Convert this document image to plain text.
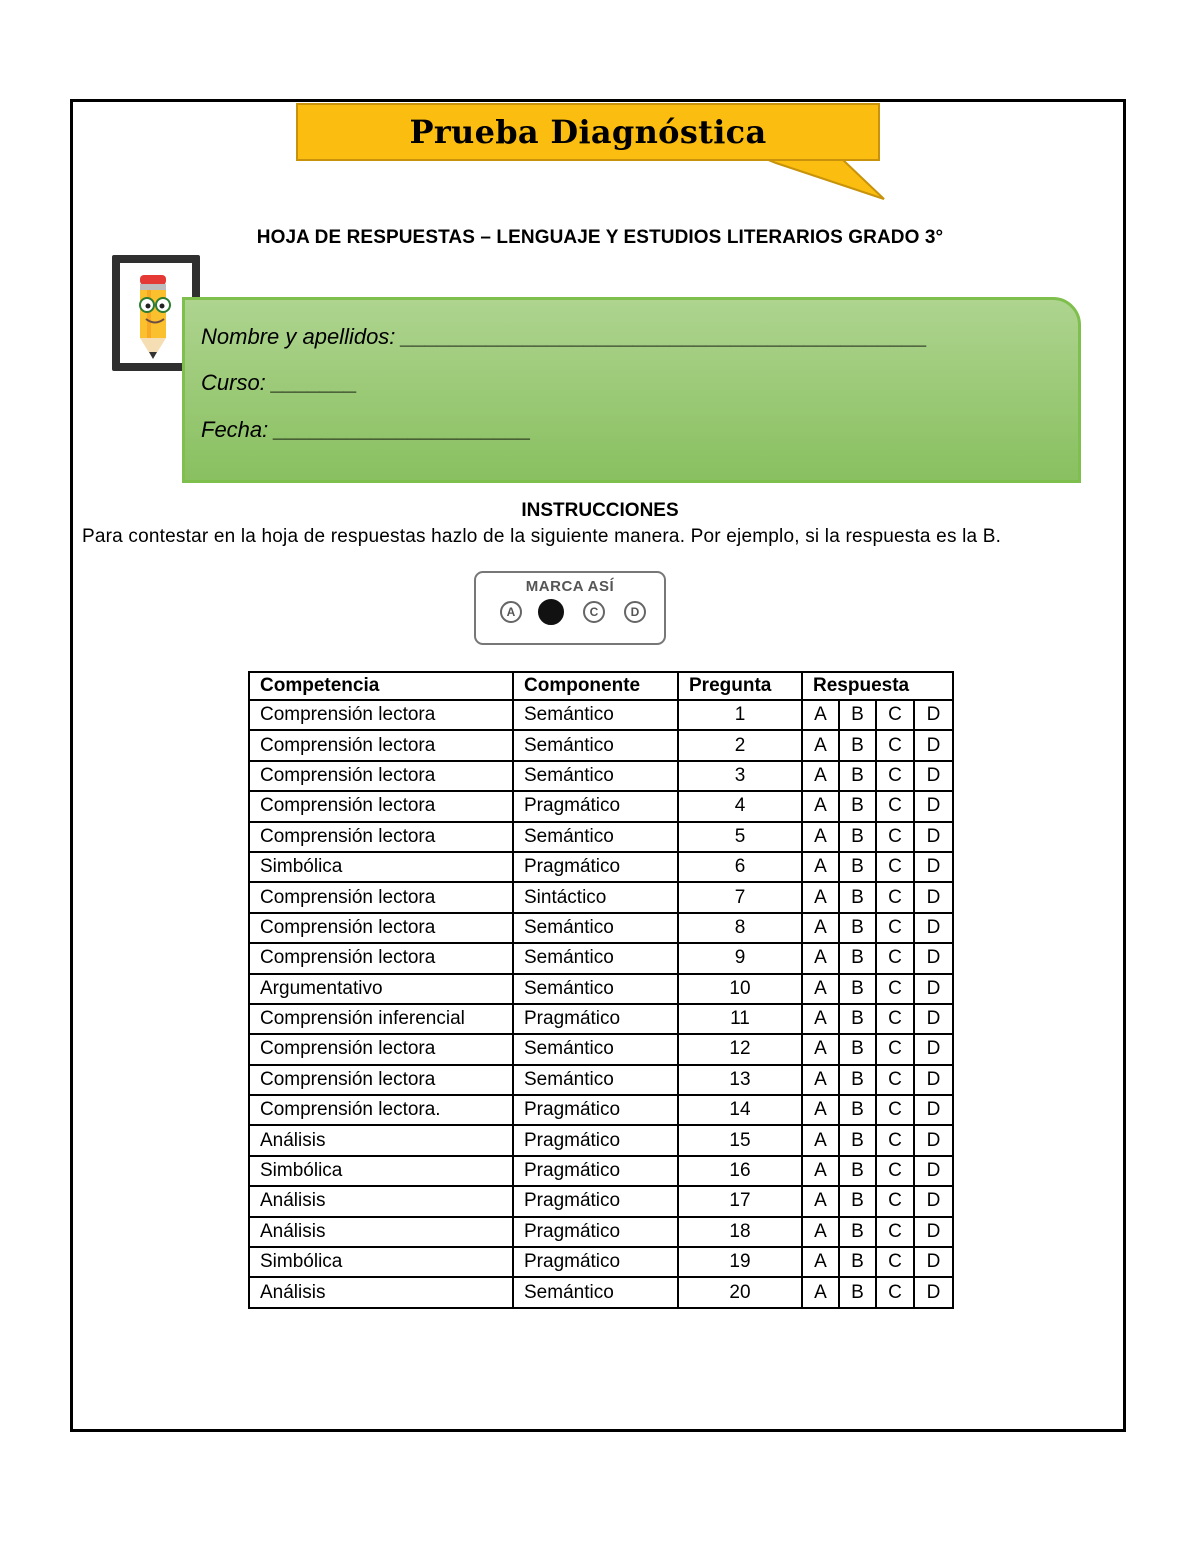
Prueba Diagnóstica
HOJA DE RESPUESTAS – LENGUAJE Y ESTUDIOS LITERARIOS GRADO 3°
Nombre y apellidos: ___________________________________________
Curso: _______
Fecha: _____________________
INSTRUCCIONES
Para contestar en la hoja de respuestas hazlo de la siguiente manera. Por ejemplo, si la respuesta es la B.
MARCA ASÍ
A	C	D
Competencia	Componente	Pregunta	Respuesta			
Comprensión lectora	Semántico	1	A	B	C	D
Comprensión lectora	Semántico	2	A	B	C	D
Comprensión lectora	Semántico	3	A	B	C	D
Comprensión lectora	Pragmático	4	A	B	C	D
Comprensión lectora	Semántico	5	A	B	C	D
Simbólica	Pragmático	6	A	B	C	D
Comprensión lectora	Sintáctico	7	A	B	C	D
Comprensión lectora	Semántico	8	A	B	C	D
Comprensión lectora	Semántico	9	A	B	C	D
Argumentativo	Semántico	10	A	B	C	D
Comprensión inferencial	Pragmático	11	A	B	C	D
Comprensión lectora	Semántico	12	A	B	C	D
Comprensión lectora	Semántico	13	A	B	C	D
Comprensión lectora.	Pragmático	14	A	B	C	D
Análisis	Pragmático	15	A	B	C	D
Simbólica	Pragmático	16	A	B	C	D
Análisis	Pragmático	17	A	B	C	D
Análisis	Pragmático	18	A	B	C	D
Simbólica	Pragmático	19	A	B	C	D
Análisis	Semántico	20	A	B	C	D
